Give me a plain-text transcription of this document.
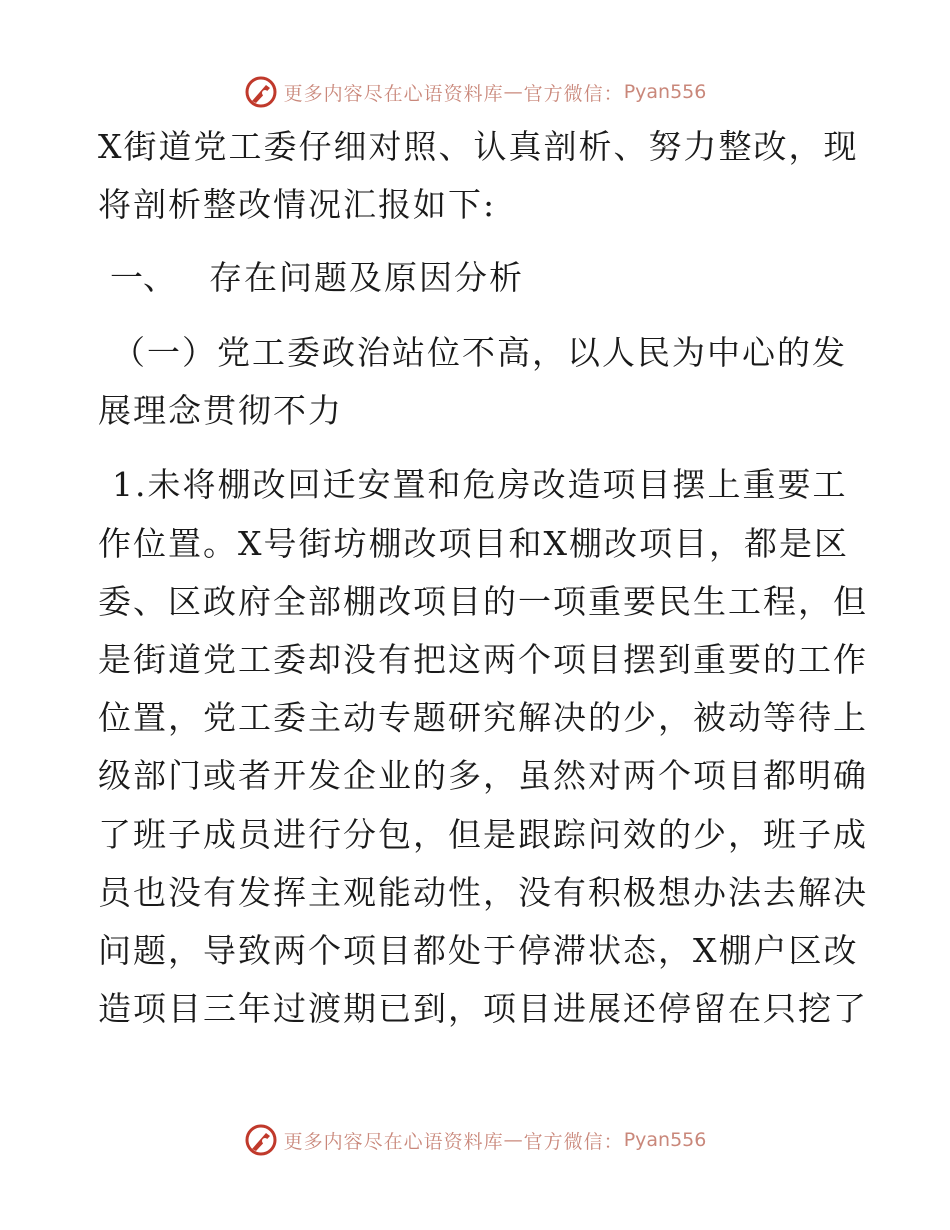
更多内容尽在心语资料库 — 官方微信： Pyan556
X街道党工委仔细对照、认真剖析、努力整改，现
将剖析整改情况汇报如下:
一、 存在问题及原因分析
（一）党工委政治站位不高，以人民为中心的发
展理念贯彻不力
1.未将棚改回迁安置和危房改造项目摆上重要工
作位置。X号街坊棚改项目和X棚改项目，都是区
委、区政府全部棚改项目的一项重要民生工程，但
是街道党工委却没有把这两个项目摆到重要的工作
位置，党工委主动专题研究解决的少，被动等待上
级部门或者开发企业的多，虽然对两个项目都明确
了班子成员进行分包，但是跟踪问效的少，班子成
员也没有发挥主观能动性，没有积极想办法去解决
问题，导致两个项目都处于停滞状态，X棚户区改
造项目三年过渡期已到，项目进展还停留在只挖了
更多内容尽在心语资料库 — 官方微信： Pyan556
